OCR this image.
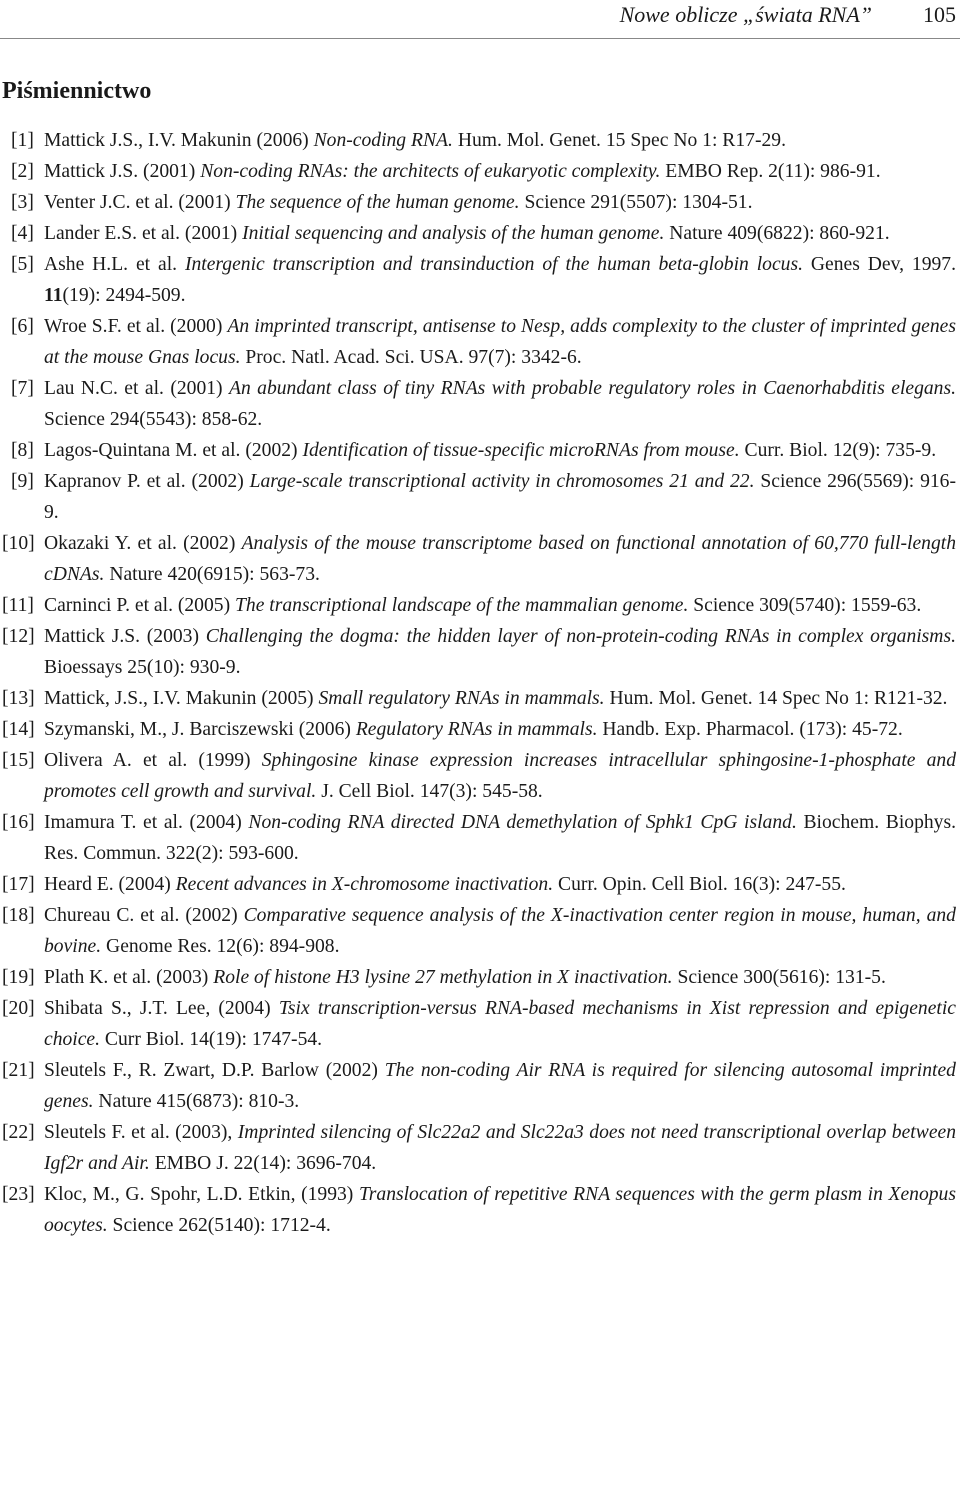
Nowe oblicze „świata RNA” 105
Piśmiennictwo
[1] Mattick J.S., I.V. Makunin (2006) Non-coding RNA. Hum. Mol. Genet. 15 Spec No 1: R17-29.
[2] Mattick J.S. (2001) Non-coding RNAs: the architects of eukaryotic complexity. EMBO Rep. 2(11): 986-91.
[3] Venter J.C. et al. (2001) The sequence of the human genome. Science 291(5507): 1304-51.
[4] Lander E.S. et al. (2001) Initial sequencing and analysis of the human genome. Nature 409(6822): 860-921.
[5] Ashe H.L. et al. Intergenic transcription and transinduction of the human beta-globin locus. Genes Dev, 1997. 11(19): 2494-509.
[6] Wroe S.F. et al. (2000) An imprinted transcript, antisense to Nesp, adds complexity to the cluster of imprinted genes at the mouse Gnas locus. Proc. Natl. Acad. Sci. USA. 97(7): 3342-6.
[7] Lau N.C. et al. (2001) An abundant class of tiny RNAs with probable regulatory roles in Caenorhabditis elegans. Science 294(5543): 858-62.
[8] Lagos-Quintana M. et al. (2002) Identification of tissue-specific microRNAs from mouse. Curr. Biol. 12(9): 735-9.
[9] Kapranov P. et al. (2002) Large-scale transcriptional activity in chromosomes 21 and 22. Science 296(5569): 916-9.
[10] Okazaki Y. et al. (2002) Analysis of the mouse transcriptome based on functional annotation of 60,770 full-length cDNAs. Nature 420(6915): 563-73.
[11] Carninci P. et al. (2005) The transcriptional landscape of the mammalian genome. Science 309(5740): 1559-63.
[12] Mattick J.S. (2003) Challenging the dogma: the hidden layer of non-protein-coding RNAs in complex organisms. Bioessays 25(10): 930-9.
[13] Mattick, J.S., I.V. Makunin (2005) Small regulatory RNAs in mammals. Hum. Mol. Genet. 14 Spec No 1: R121-32.
[14] Szymanski, M., J. Barciszewski (2006) Regulatory RNAs in mammals. Handb. Exp. Pharmacol. (173): 45-72.
[15] Olivera A. et al. (1999) Sphingosine kinase expression increases intracellular sphingosine-1-phosphate and promotes cell growth and survival. J. Cell Biol. 147(3): 545-58.
[16] Imamura T. et al. (2004) Non-coding RNA directed DNA demethylation of Sphk1 CpG island. Biochem. Biophys. Res. Commun. 322(2): 593-600.
[17] Heard E. (2004) Recent advances in X-chromosome inactivation. Curr. Opin. Cell Biol. 16(3): 247-55.
[18] Chureau C. et al. (2002) Comparative sequence analysis of the X-inactivation center region in mouse, human, and bovine. Genome Res. 12(6): 894-908.
[19] Plath K. et al. (2003) Role of histone H3 lysine 27 methylation in X inactivation. Science 300(5616): 131-5.
[20] Shibata S., J.T. Lee, (2004) Tsix transcription-versus RNA-based mechanisms in Xist repression and epigenetic choice. Curr Biol. 14(19): 1747-54.
[21] Sleutels F., R. Zwart, D.P. Barlow (2002) The non-coding Air RNA is required for silencing autosomal imprinted genes. Nature 415(6873): 810-3.
[22] Sleutels F. et al. (2003), Imprinted silencing of Slc22a2 and Slc22a3 does not need transcriptional overlap between Igf2r and Air. EMBO J. 22(14): 3696-704.
[23] Kloc, M., G. Spohr, L.D. Etkin, (1993) Translocation of repetitive RNA sequences with the germ plasm in Xenopus oocytes. Science 262(5140): 1712-4.
